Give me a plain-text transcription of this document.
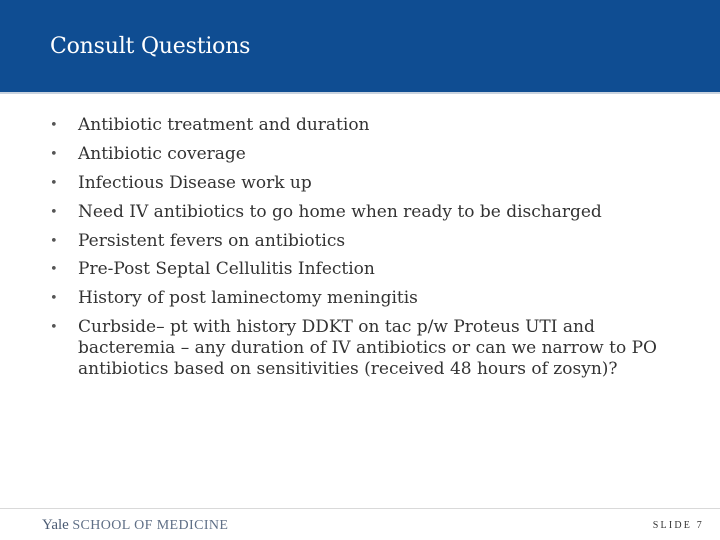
Consult Questions
• Antibiotic treatment and duration
• Antibiotic coverage
• Infectious Disease work up
• Need IV antibiotics to go home when ready to be discharged
• Persistent fevers on antibiotics
• Pre-Post Septal Cellulitis Infection
• History of post laminectomy meningitis
• Curbside– pt with history DDKT on tac p/w Proteus UTI and bacteremia – any duration of IV antibiotics or can we narrow to PO antibiotics based on sensitivities (received 48 hours of zosyn)?
Yale SCHOOL OF MEDICINE	SLIDE 7
